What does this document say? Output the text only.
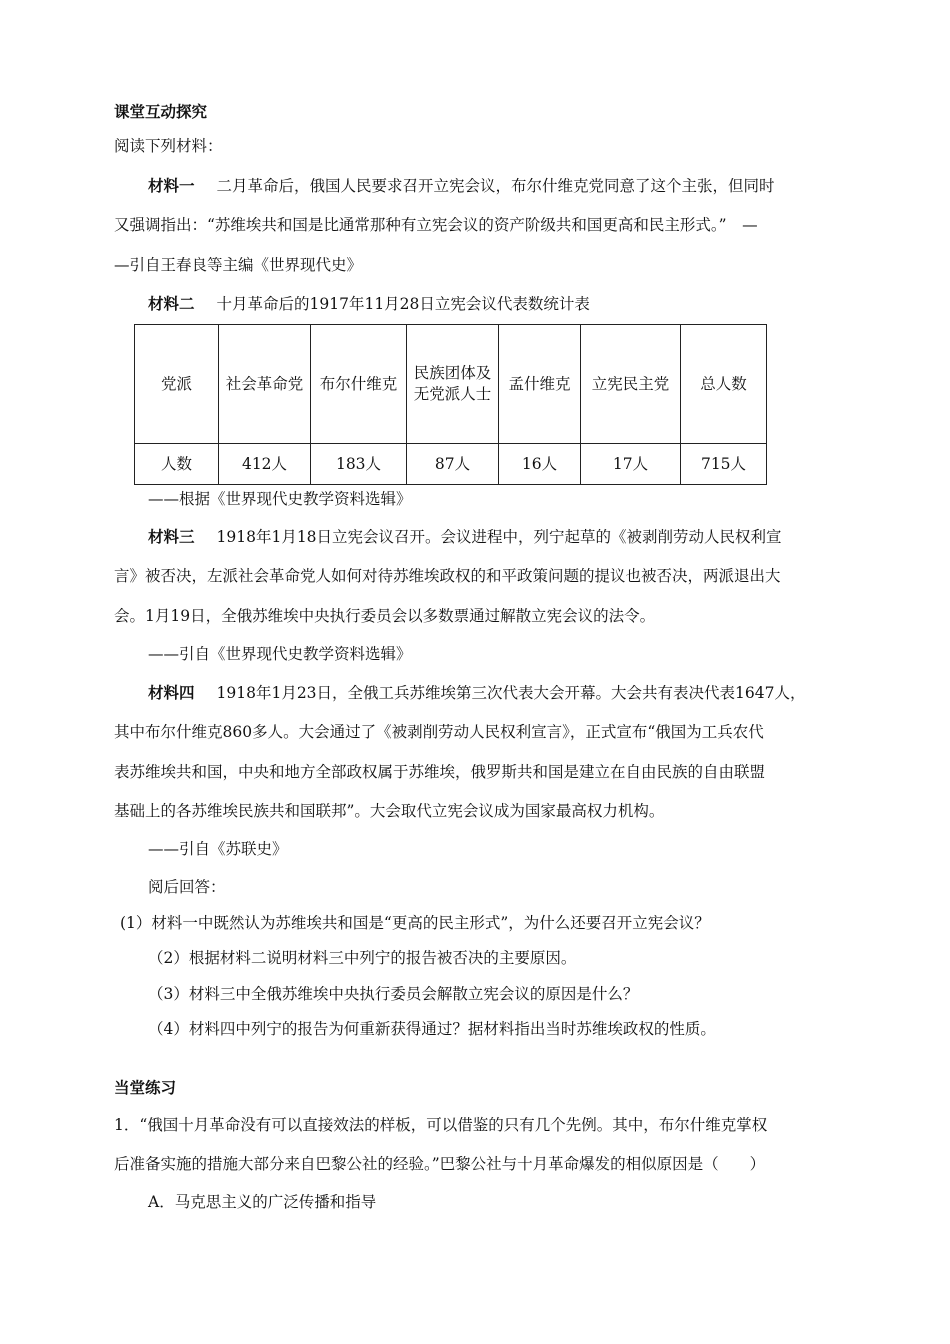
课堂互动探究
阅读下列材料：
材料一 二月革命后，俄国人民要求召开立宪会议，布尔什维克党同意了这个主张，但同时
又强调指出：“苏维埃共和国是比通常那种有立宪会议的资产阶级共和国更高和民主形式。”　—
—引自王春良等主编《世界现代史》
材料二 十月革命后的1917年11月28日立宪会议代表数统计表
党派	社会革命党	布尔什维克	民族团体及无党派人士	孟什维克	立宪民主党	总人数
人数	412人	183人	87人	16人	17人	715人
——根据《世界现代史教学资料选辑》
材料三 1918年1月18日立宪会议召开。会议进程中，列宁起草的《被剥削劳动人民权利宣
言》被否决，左派社会革命党人如何对待苏维埃政权的和平政策问题的提议也被否决，两派退出大
会。1月19日，全俄苏维埃中央执行委员会以多数票通过解散立宪会议的法令。
——引自《世界现代史教学资料选辑》
材料四 1918年1月23日，全俄工兵苏维埃第三次代表大会开幕。大会共有表决代表1647人，
其中布尔什维克860多人。大会通过了《被剥削劳动人民权利宣言》，正式宣布“俄国为工兵农代
表苏维埃共和国，中央和地方全部政权属于苏维埃，俄罗斯共和国是建立在自由民族的自由联盟
基础上的各苏维埃民族共和国联邦”。大会取代立宪会议成为国家最高权力机构。
——引自《苏联史》
阅后回答：
(1）材料一中既然认为苏维埃共和国是“更高的民主形式”，为什么还要召开立宪会议？
（2）根据材料二说明材料三中列宁的报告被否决的主要原因。
（3）材料三中全俄苏维埃中央执行委员会解散立宪会议的原因是什么？
（4）材料四中列宁的报告为何重新获得通过？据材料指出当时苏维埃政权的性质。
当堂练习
1．“俄国十月革命没有可以直接效法的样板，可以借鉴的只有几个先例。其中，布尔什维克掌权
后准备实施的措施大部分来自巴黎公社的经验。”巴黎公社与十月革命爆发的相似原因是（　　）
A．马克思主义的广泛传播和指导
